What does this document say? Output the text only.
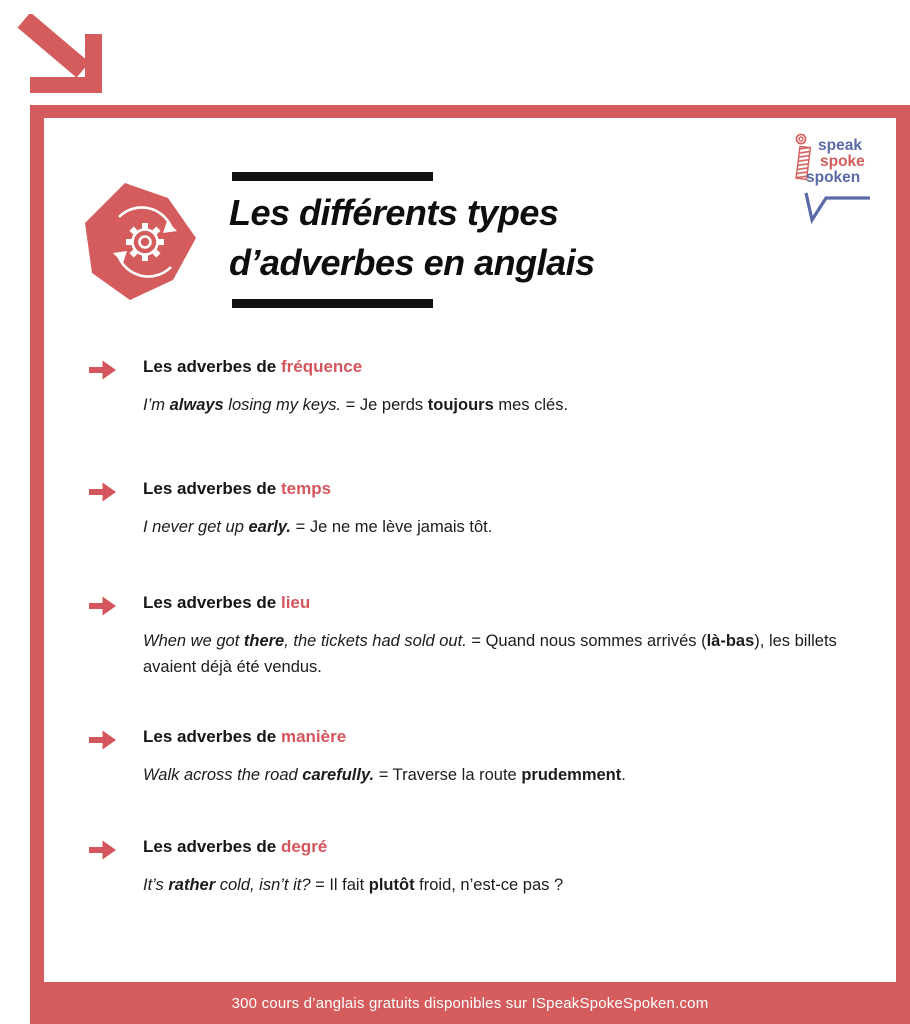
Les différents types
d’adverbes en anglais
speak
spoke
spoken
Les adverbes de fréquence

I’m always losing my keys. = Je perds toujours mes clés.

Les adverbes de temps

I never get up early. = Je ne me lève jamais tôt.

Les adverbes de lieu

When we got there, the tickets had sold out. = Quand nous sommes arrivés (là-bas), les billets avaient déjà été vendus.

Les adverbes de manière

Walk across the road carefully. = Traverse la route prudemment.

Les adverbes de degré

It’s rather cold, isn’t it? = Il fait plutôt froid, n’est-ce pas ?

300 cours d’anglais gratuits disponibles sur ISpeakSpokeSpoken.com
